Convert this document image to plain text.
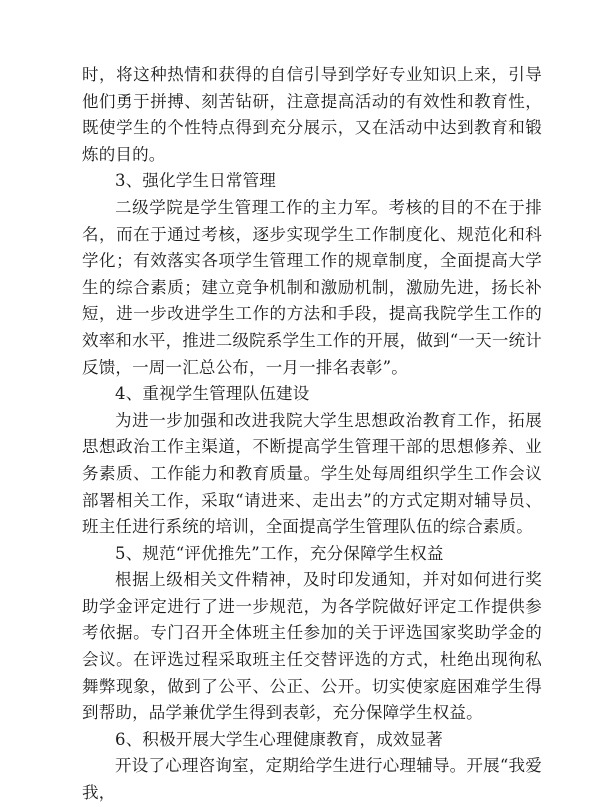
时，将这种热情和获得的自信引导到学好专业知识上来，引导他们勇于拼搏、刻苦钻研，注意提高活动的有效性和教育性，既使学生的个性特点得到充分展示，又在活动中达到教育和锻炼的目的。

3、强化学生日常管理

二级学院是学生管理工作的主力军。考核的目的不在于排名，而在于通过考核，逐步实现学生工作制度化、规范化和科学化；有效落实各项学生管理工作的规章制度，全面提高大学生的综合素质；建立竞争机制和激励机制，激励先进，扬长补短，进一步改进学生工作的方法和手段，提高我院学生工作的效率和水平，推进二级院系学生工作的开展，做到“一天一统计反馈，一周一汇总公布，一月一排名表彰”。

4、重视学生管理队伍建设

为进一步加强和改进我院大学生思想政治教育工作，拓展思想政治工作主渠道，不断提高学生管理干部的思想修养、业务素质、工作能力和教育质量。学生处每周组织学生工作会议部署相关工作，采取“请进来、走出去”的方式定期对辅导员、班主任进行系统的培训，全面提高学生管理队伍的综合素质。

5、规范“评优推先”工作，充分保障学生权益

根据上级相关文件精神，及时印发通知，并对如何进行奖助学金评定进行了进一步规范，为各学院做好评定工作提供参考依据。专门召开全体班主任参加的关于评选国家奖助学金的会议。在评选过程采取班主任交替评选的方式，杜绝出现徇私舞弊现象，做到了公平、公正、公开。切实使家庭困难学生得到帮助，品学兼优学生得到表彰，充分保障学生权益。

6、积极开展大学生心理健康教育，成效显著

开设了心理咨询室，定期给学生进行心理辅导。开展“我爱我，
